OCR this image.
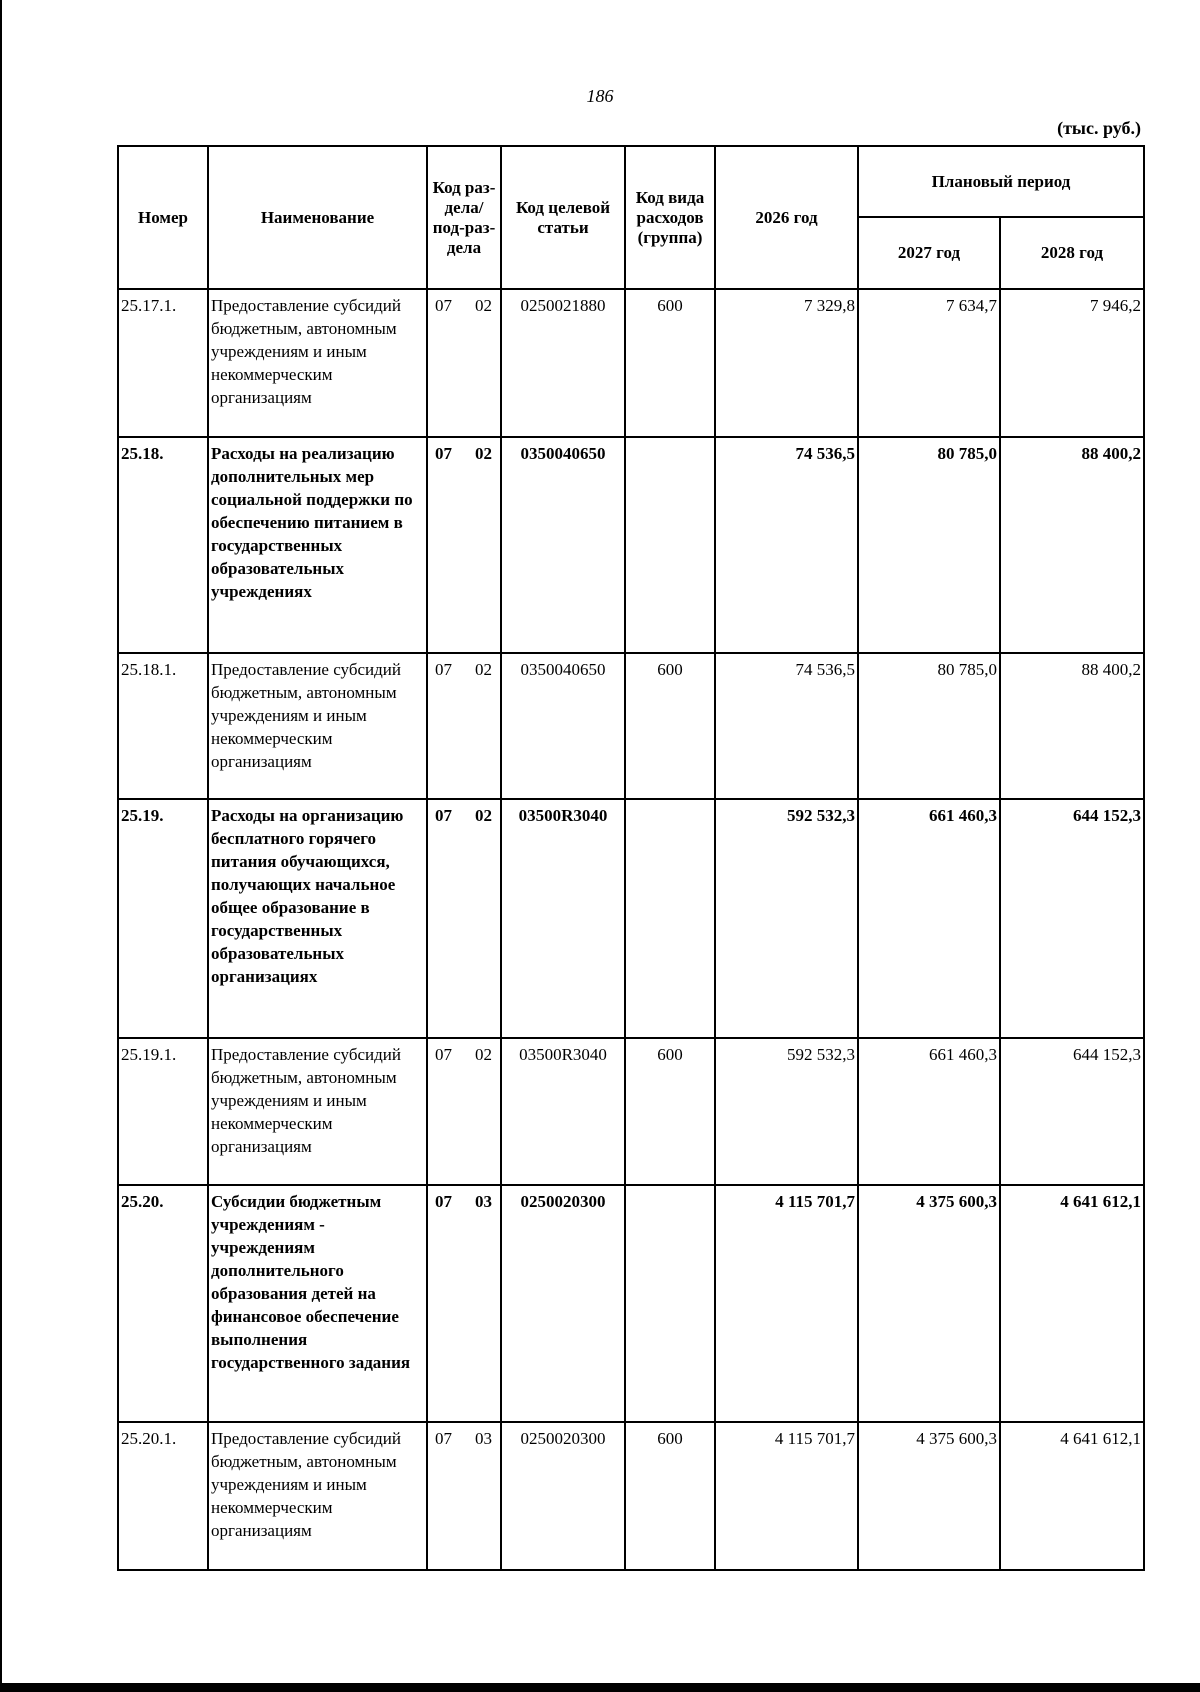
186
(тыс. руб.)
Номер	Наименование	Код раз-дела/ под-раз-дела	Код целевой статьи	Код вида расходов (группа)	2026 год	Плановый период	
						2027 год	2028 год
25.17.1.	Предоставление субсидий бюджетным, автономным учреждениям и иным некоммерческим организациям	07 02	0250021880	600	7 329,8	7 634,7	7 946,2
25.18.	Расходы на реализацию дополнительных мер социальной поддержки по обеспечению питанием в государственных образовательных учреждениях	07 02	0350040650		74 536,5	80 785,0	88 400,2
25.18.1.	Предоставление субсидий бюджетным, автономным учреждениям и иным некоммерческим организациям	07 02	0350040650	600	74 536,5	80 785,0	88 400,2
25.19.	Расходы на организацию бесплатного горячего питания обучающихся, получающих начальное общее образование в государственных образовательных организациях	07 02	03500R3040		592 532,3	661 460,3	644 152,3
25.19.1.	Предоставление субсидий бюджетным, автономным учреждениям и иным некоммерческим организациям	07 02	03500R3040	600	592 532,3	661 460,3	644 152,3
25.20.	Субсидии бюджетным учреждениям - учреждениям дополнительного образования детей на финансовое обеспечение выполнения государственного задания	07 03	0250020300		4 115 701,7	4 375 600,3	4 641 612,1
25.20.1.	Предоставление субсидий бюджетным, автономным учреждениям и иным некоммерческим организациям	07 03	0250020300	600	4 115 701,7	4 375 600,3	4 641 612,1
